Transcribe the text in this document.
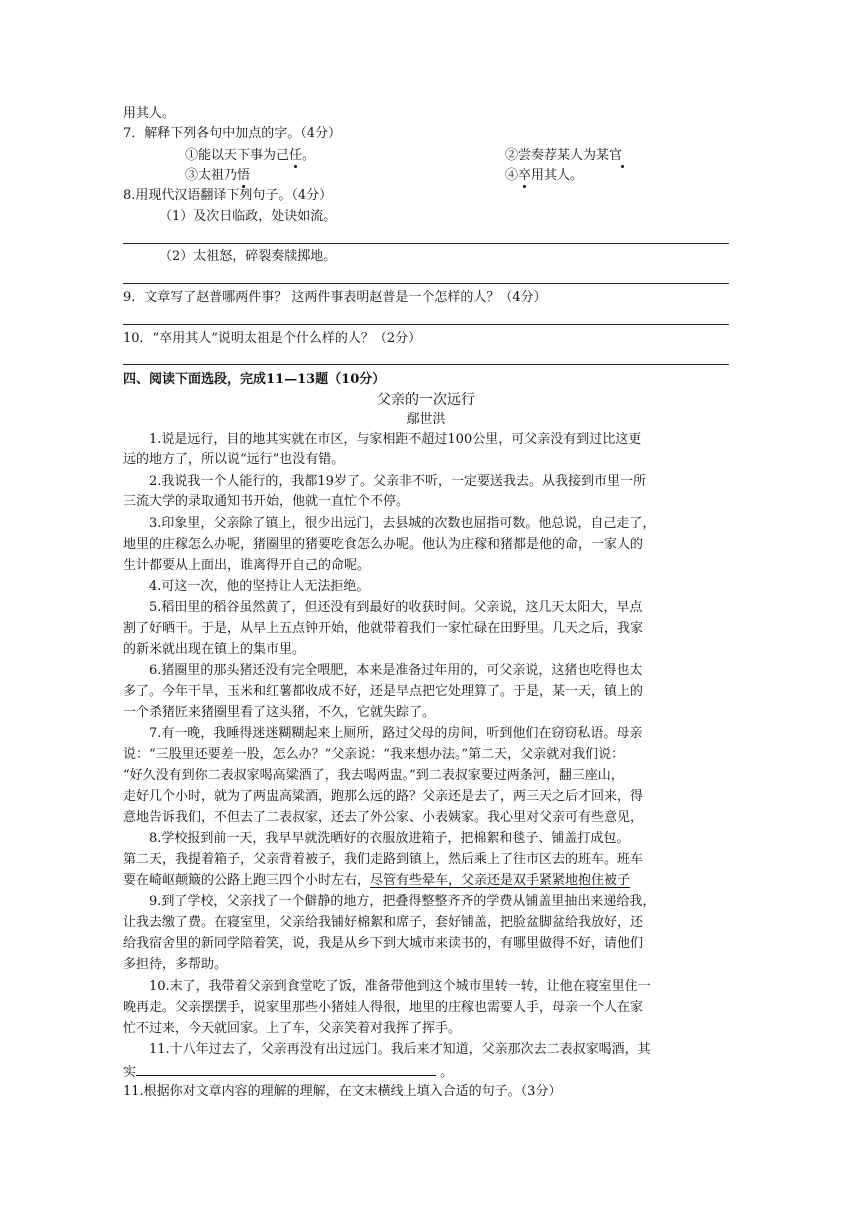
用其人。
7．解释下列各句中加点的字。（4分）
①能以天下事为己任。	②尝奏荐某人为某官
③太祖乃悟	④卒用其人。
8.用现代汉语翻译下列句子。（4分）
（1）及次日临政，处诀如流。
（2）太祖怒，碎裂奏牍掷地。
9．文章写了赵普哪两件事？ 这两件事表明赵普是一个怎样的人？（4分）
10．“卒用其人”说明太祖是个什么样的人？（2分）
四、阅读下面选段，完成11—13题（10分）
父亲的一次远行
鄢世洪
1.说是远行，目的地其实就在市区，与家相距不超过100公里，可父亲没有到过比这更
远的地方了，所以说“远行”也没有错。
2.我说我一个人能行的，我都19岁了。父亲非不听，一定要送我去。从我接到市里一所
三流大学的录取通知书开始，他就一直忙个不停。
3.印象里，父亲除了镇上，很少出远门，去县城的次数也屈指可数。他总说，自己走了，
地里的庄稼怎么办呢，猪圈里的猪要吃食怎么办呢。他认为庄稼和猪都是他的命，一家人的
生计都要从上面出，谁离得开自己的命呢。
4.可这一次，他的坚持让人无法拒绝。
5.稻田里的稻谷虽然黄了，但还没有到最好的收获时间。父亲说，这几天太阳大，早点
割了好晒干。于是，从早上五点钟开始，他就带着我们一家忙碌在田野里。几天之后，我家
的新米就出现在镇上的集市里。
6.猪圈里的那头猪还没有完全喂肥，本来是准备过年用的，可父亲说，这猪也吃得也太
多了。今年干旱，玉米和红薯都收成不好，还是早点把它处理算了。于是，某一天，镇上的
一个杀猪匠来猪圈里看了这头猪，不久，它就失踪了。
7.有一晚，我睡得迷迷糊糊起来上厕所，路过父母的房间，听到他们在窃窃私语。母亲
说：“三股里还要差一股，怎么办？”父亲说：“我来想办法。”第二天，父亲就对我们说：
“好久没有到你二表叔家喝高粱酒了，我去喝两盅。”到二表叔家要过两条河，翻三座山，
走好几个小时，就为了两盅高粱酒，跑那么远的路？父亲还是去了，两三天之后才回来，得
意地告诉我们，不但去了二表叔家，还去了外公家、小表姨家。我心里对父亲可有些意见，
8.学校报到前一天，我早早就洗晒好的衣服放进箱子，把棉絮和毯子、铺盖打成包。
第二天，我提着箱子，父亲背着被子，我们走路到镇上，然后乘上了往市区去的班车。班车
要在崎岖颠簸的公路上跑三四个小时左右，尽管有些晕车，父亲还是双手紧紧地抱住被子
9.到了学校，父亲找了一个僻静的地方，把叠得整整齐齐的学费从铺盖里抽出来递给我，
让我去缴了费。在寝室里，父亲给我铺好棉絮和席子，套好铺盖，把脸盆脚盆给我放好，还
给我宿舍里的新同学陪着笑，说，我是从乡下到大城市来读书的，有哪里做得不好，请他们
多担待，多帮助。
10.末了，我带着父亲到食堂吃了饭，准备带他到这个城市里转一转，让他在寝室里住一
晚再走。父亲摆摆手，说家里那些小猪娃人得很，地里的庄稼也需要人手，母亲一个人在家
忙不过来，今天就回家。上了车，父亲笑着对我挥了挥手。
11.十八年过去了，父亲再没有出过远门。我后来才知道，父亲那次去二表叔家喝酒，其
实	。
11.根据你对文章内容的理解的理解，在文末横线上填入合适的句子。（3分）
